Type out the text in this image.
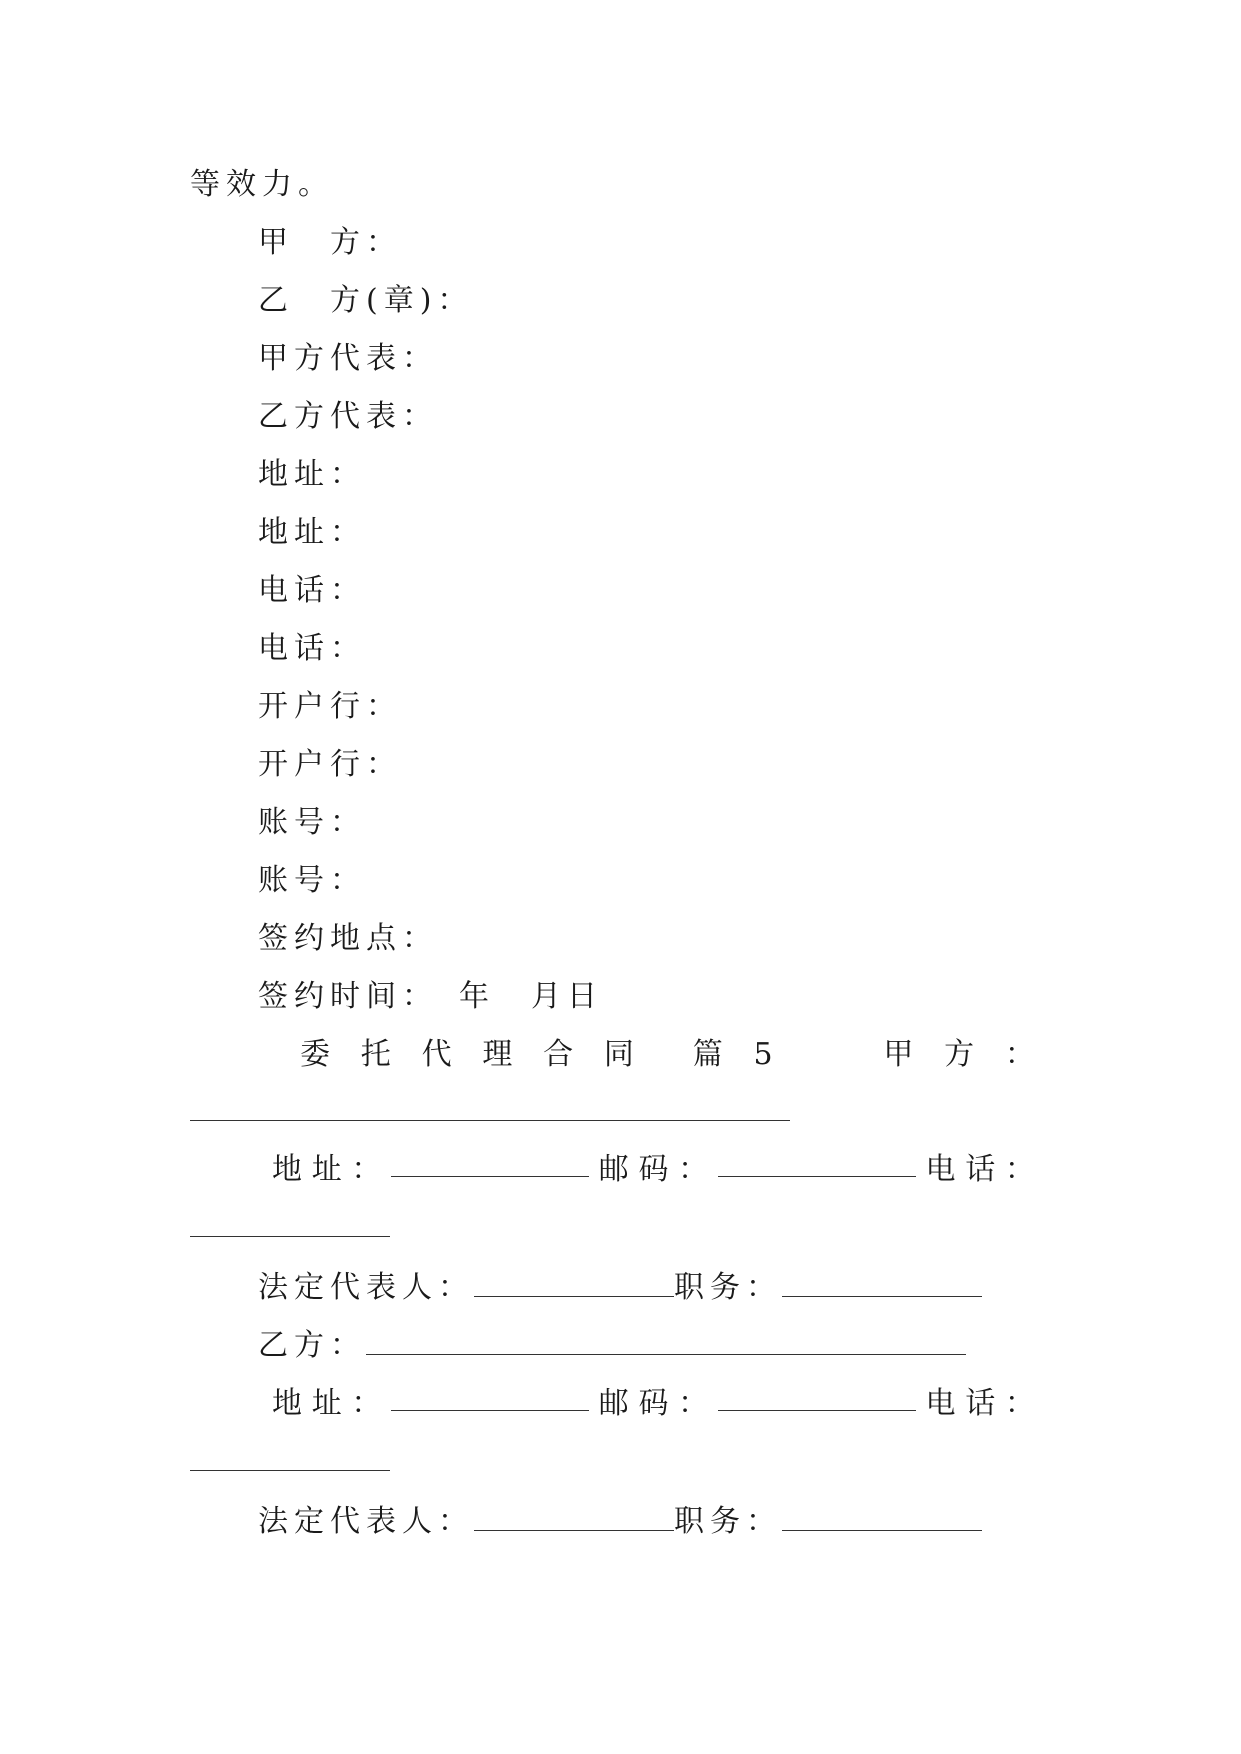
等效力。
甲　方：
乙　方(章)：
甲方代表：
乙方代表：
地址：
地址：
电话：
电话：
开户行：
开户行：
账号：
账号：
签约地点：
签约时间：　年　月日
委 托 代 理 合 同 篇 5	甲 方 ：
地 址 ：	邮 码 ：	电 话 ：
法定代表人：	职务：
乙方：
地 址 ：	邮 码 ：	电 话 ：
法定代表人：	职务：
